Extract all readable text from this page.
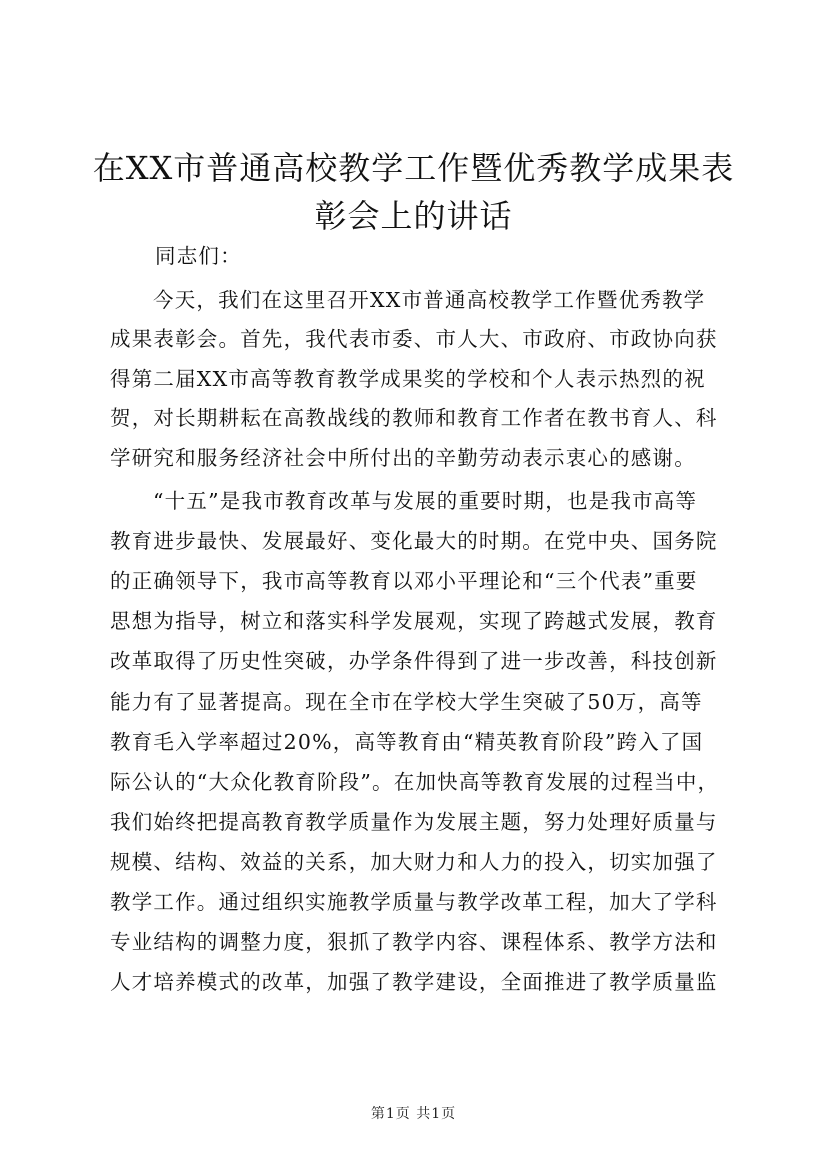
在XX市普通高校教学工作暨优秀教学成果表
彰会上的讲话
同志们：
今天，我们在这里召开XX市普通高校教学工作暨优秀教学
成果表彰会。首先，我代表市委、市人大、市政府、市政协向获
得第二届XX市高等教育教学成果奖的学校和个人表示热烈的祝
贺，对长期耕耘在高教战线的教师和教育工作者在教书育人、科
学研究和服务经济社会中所付出的辛勤劳动表示衷心的感谢。
“十五”是我市教育改革与发展的重要时期，也是我市高等
教育进步最快、发展最好、变化最大的时期。在党中央、国务院
的正确领导下，我市高等教育以邓小平理论和“三个代表”重要
思想为指导，树立和落实科学发展观，实现了跨越式发展，教育
改革取得了历史性突破，办学条件得到了进一步改善，科技创新
能力有了显著提高。现在全市在学校大学生突破了50万，高等
教育毛入学率超过20%，高等教育由“精英教育阶段”跨入了国
际公认的“大众化教育阶段”。在加快高等教育发展的过程当中，
我们始终把提高教育教学质量作为发展主题，努力处理好质量与
规模、结构、效益的关系，加大财力和人力的投入，切实加强了
教学工作。通过组织实施教学质量与教学改革工程，加大了学科
专业结构的调整力度，狠抓了教学内容、课程体系、教学方法和
人才培养模式的改革，加强了教学建设，全面推进了教学质量监
第1页 共1页
